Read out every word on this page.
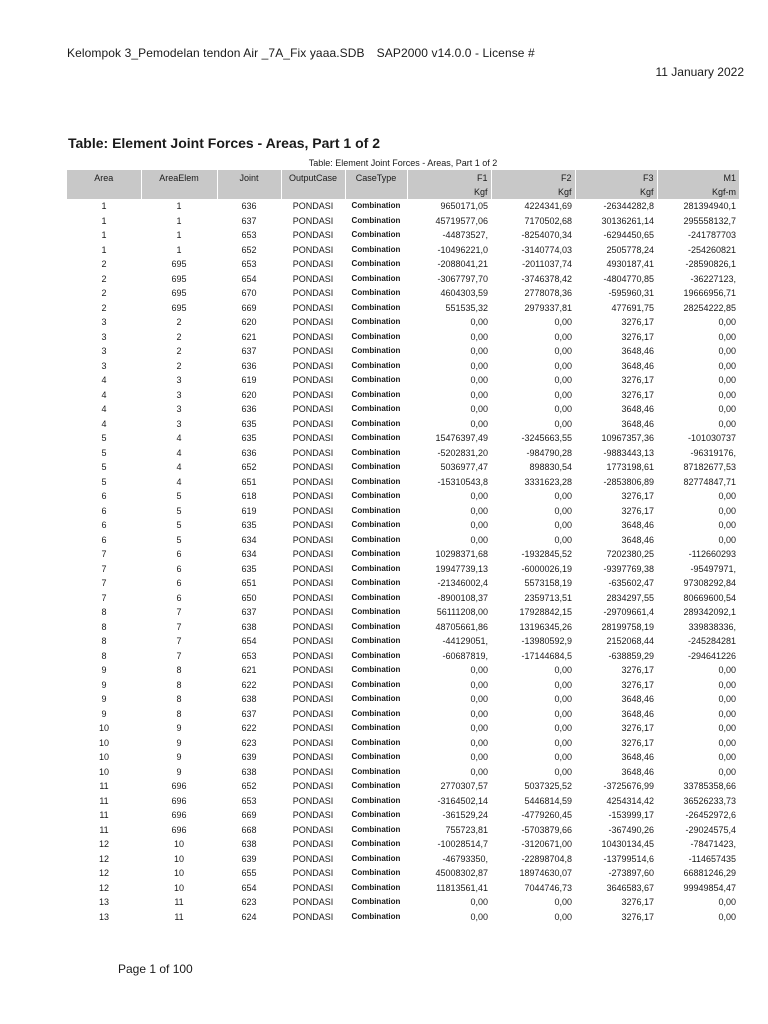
Kelompok 3_Pemodelan tendon Air _7A_Fix yaaa.SDB SAP2000 v14.0.0 - License #
11 January 2022
Table: Element Joint Forces - Areas, Part 1 of 2
Table: Element Joint Forces - Areas, Part 1 of 2
Area	AreaElem	Joint	OutputCase	CaseType	F1	F2	F3	M1
					Kgf	Kgf	Kgf	Kgf-m
1	1	636	PONDASI	Combination	9650171,05	4224341,69	-26344282,8	281394940,1
1	1	637	PONDASI	Combination	45719577,06	7170502,68	30136261,14	295558132,7
1	1	653	PONDASI	Combination	-44873527,	-8254070,34	-6294450,65	-241787703
1	1	652	PONDASI	Combination	-10496221,0	-3140774,03	2505778,24	-254260821
2	695	653	PONDASI	Combination	-2088041,21	-2011037,74	4930187,41	-28590826,1
2	695	654	PONDASI	Combination	-3067797,70	-3746378,42	-4804770,85	-36227123,
2	695	670	PONDASI	Combination	4604303,59	2778078,36	-595960,31	19666956,71
2	695	669	PONDASI	Combination	551535,32	2979337,81	477691,75	28254222,85
3	2	620	PONDASI	Combination	0,00	0,00	3276,17	0,00
3	2	621	PONDASI	Combination	0,00	0,00	3276,17	0,00
3	2	637	PONDASI	Combination	0,00	0,00	3648,46	0,00
3	2	636	PONDASI	Combination	0,00	0,00	3648,46	0,00
4	3	619	PONDASI	Combination	0,00	0,00	3276,17	0,00
4	3	620	PONDASI	Combination	0,00	0,00	3276,17	0,00
4	3	636	PONDASI	Combination	0,00	0,00	3648,46	0,00
4	3	635	PONDASI	Combination	0,00	0,00	3648,46	0,00
5	4	635	PONDASI	Combination	15476397,49	-3245663,55	10967357,36	-101030737
5	4	636	PONDASI	Combination	-5202831,20	-984790,28	-9883443,13	-96319176,
5	4	652	PONDASI	Combination	5036977,47	898830,54	1773198,61	87182677,53
5	4	651	PONDASI	Combination	-15310543,8	3331623,28	-2853806,89	82774847,71
6	5	618	PONDASI	Combination	0,00	0,00	3276,17	0,00
6	5	619	PONDASI	Combination	0,00	0,00	3276,17	0,00
6	5	635	PONDASI	Combination	0,00	0,00	3648,46	0,00
6	5	634	PONDASI	Combination	0,00	0,00	3648,46	0,00
7	6	634	PONDASI	Combination	10298371,68	-1932845,52	7202380,25	-112660293
7	6	635	PONDASI	Combination	19947739,13	-6000026,19	-9397769,38	-95497971,
7	6	651	PONDASI	Combination	-21346002,4	5573158,19	-635602,47	97308292,84
7	6	650	PONDASI	Combination	-8900108,37	2359713,51	2834297,55	80669600,54
8	7	637	PONDASI	Combination	56111208,00	17928842,15	-29709661,4	289342092,1
8	7	638	PONDASI	Combination	48705661,86	13196345,26	28199758,19	339838336,
8	7	654	PONDASI	Combination	-44129051,	-13980592,9	2152068,44	-245284281
8	7	653	PONDASI	Combination	-60687819,	-17144684,5	-638859,29	-294641226
9	8	621	PONDASI	Combination	0,00	0,00	3276,17	0,00
9	8	622	PONDASI	Combination	0,00	0,00	3276,17	0,00
9	8	638	PONDASI	Combination	0,00	0,00	3648,46	0,00
9	8	637	PONDASI	Combination	0,00	0,00	3648,46	0,00
10	9	622	PONDASI	Combination	0,00	0,00	3276,17	0,00
10	9	623	PONDASI	Combination	0,00	0,00	3276,17	0,00
10	9	639	PONDASI	Combination	0,00	0,00	3648,46	0,00
10	9	638	PONDASI	Combination	0,00	0,00	3648,46	0,00
11	696	652	PONDASI	Combination	2770307,57	5037325,52	-3725676,99	33785358,66
11	696	653	PONDASI	Combination	-3164502,14	5446814,59	4254314,42	36526233,73
11	696	669	PONDASI	Combination	-361529,24	-4779260,45	-153999,17	-26452972,6
11	696	668	PONDASI	Combination	755723,81	-5703879,66	-367490,26	-29024575,4
12	10	638	PONDASI	Combination	-10028514,7	-3120671,00	10430134,45	-78471423,
12	10	639	PONDASI	Combination	-46793350,	-22898704,8	-13799514,6	-114657435
12	10	655	PONDASI	Combination	45008302,87	18974630,07	-273897,60	66881246,29
12	10	654	PONDASI	Combination	11813561,41	7044746,73	3646583,67	99949854,47
13	11	623	PONDASI	Combination	0,00	0,00	3276,17	0,00
13	11	624	PONDASI	Combination	0,00	0,00	3276,17	0,00
Page 1 of 100
